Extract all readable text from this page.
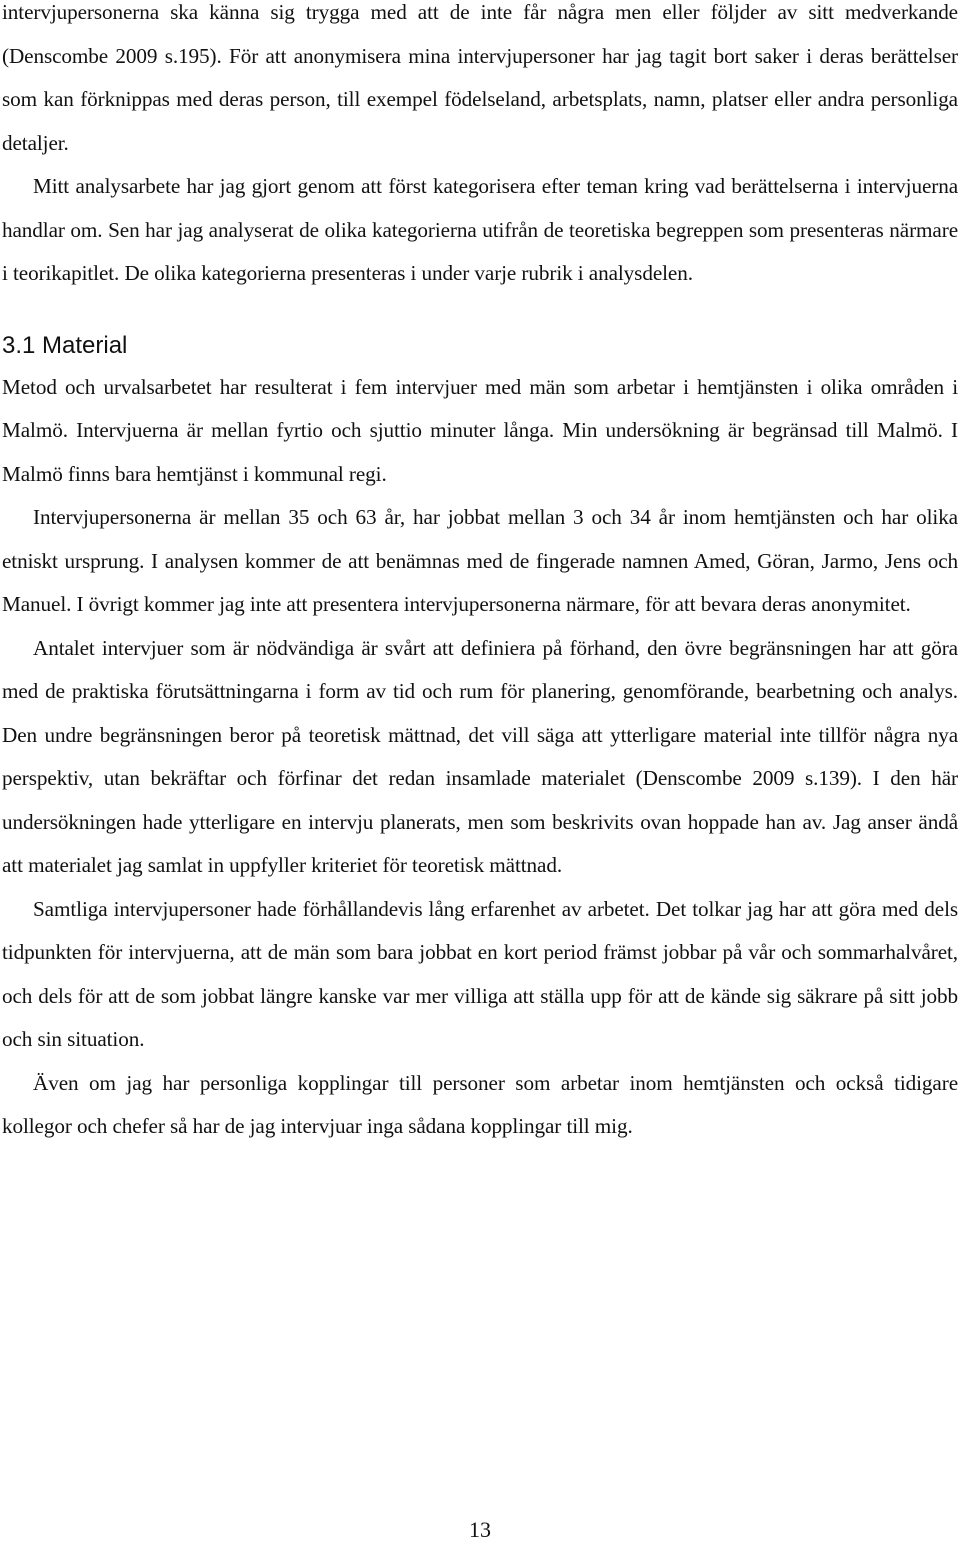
intervjupersonerna ska känna sig trygga med att de inte får några men eller följder av sitt medverkande (Denscombe 2009 s.195). För att anonymisera mina intervjupersoner har jag tagit bort saker i deras berättelser som kan förknippas med deras person, till exempel födelseland, arbetsplats, namn, platser eller andra personliga detaljer.

Mitt analysarbete har jag gjort genom att först kategorisera efter teman kring vad berättelserna i intervjuerna handlar om. Sen har jag analyserat de olika kategorierna utifrån de teoretiska begreppen som presenteras närmare i teorikapitlet. De olika kategorierna presenteras i under varje rubrik i analysdelen.

3.1 Material

Metod och urvalsarbetet har resulterat i fem intervjuer med män som arbetar i hemtjänsten i olika områden i Malmö. Intervjuerna är mellan fyrtio och sjuttio minuter långa. Min undersökning är begränsad till Malmö. I Malmö finns bara hemtjänst i kommunal regi.

Intervjupersonerna är mellan 35 och 63 år, har jobbat mellan 3 och 34 år inom hemtjänsten och har olika etniskt ursprung. I analysen kommer de att benämnas med de fingerade namnen Amed, Göran, Jarmo, Jens och Manuel. I övrigt kommer jag inte att presentera intervjupersonerna närmare, för att bevara deras anonymitet.

Antalet intervjuer som är nödvändiga är svårt att definiera på förhand, den övre begränsningen har att göra med de praktiska förutsättningarna i form av tid och rum för planering, genomförande, bearbetning och analys. Den undre begränsningen beror på teoretisk mättnad, det vill säga att ytterligare material inte tillför några nya perspektiv, utan bekräftar och förfinar det redan insamlade materialet (Denscombe 2009 s.139). I den här undersökningen hade ytterligare en intervju planerats, men som beskrivits ovan hoppade han av. Jag anser ändå att materialet jag samlat in uppfyller kriteriet för teoretisk mättnad.

Samtliga intervjupersoner hade förhållandevis lång erfarenhet av arbetet. Det tolkar jag har att göra med dels tidpunkten för intervjuerna, att de män som bara jobbat en kort period främst jobbar på vår och sommarhalvåret, och dels för att de som jobbat längre kanske var mer villiga att ställa upp för att de kände sig säkrare på sitt jobb och sin situation.

Även om jag har personliga kopplingar till personer som arbetar inom hemtjänsten och också tidigare kollegor och chefer så har de jag intervjuar inga sådana kopplingar till mig.

13
